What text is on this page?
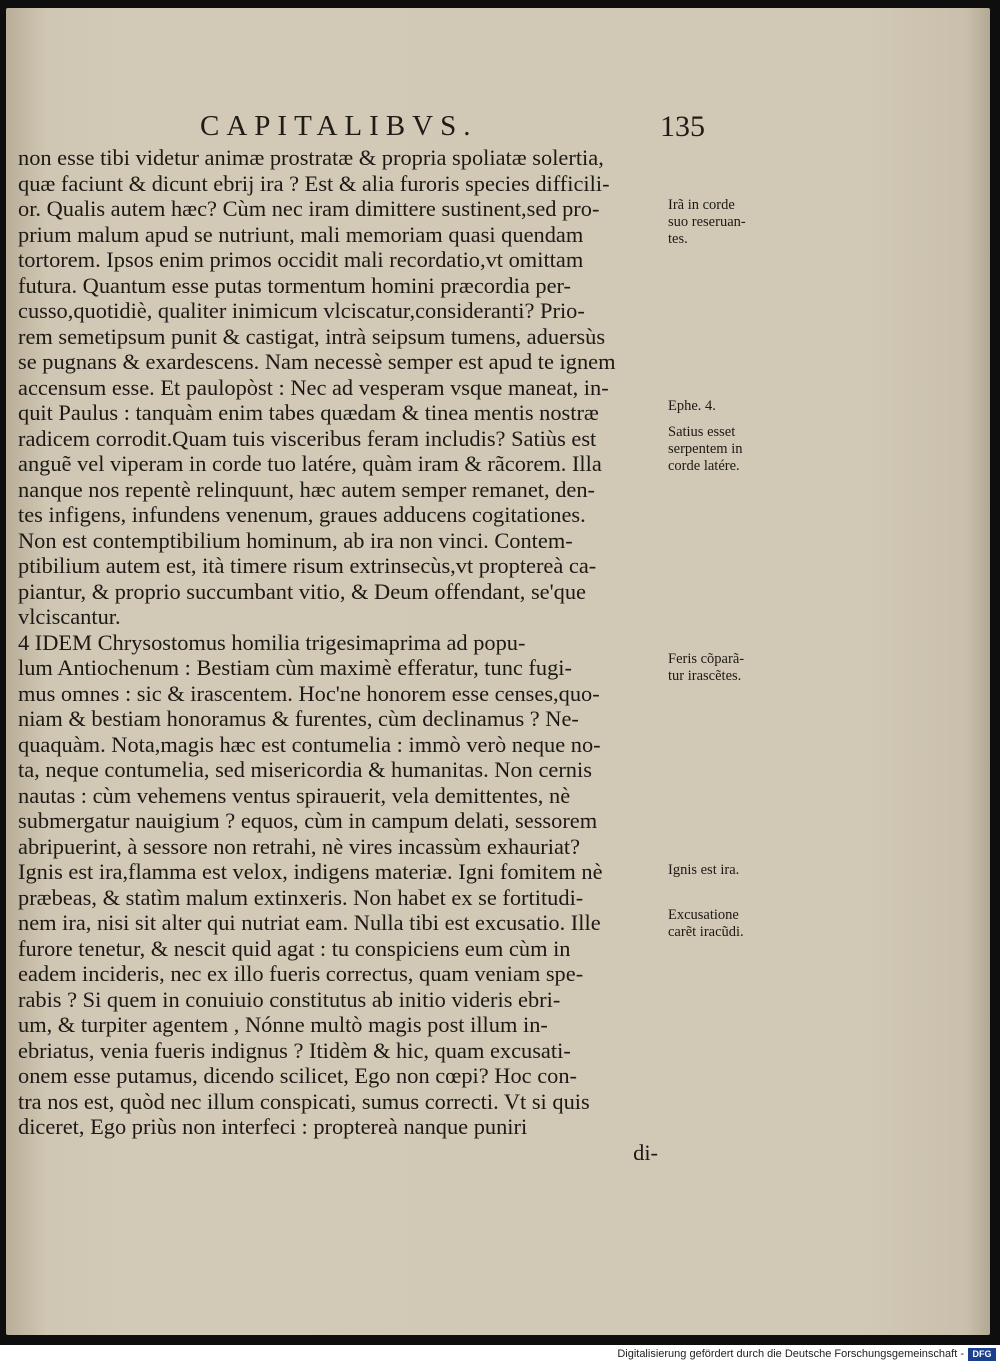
CAPITALIBVS.	135
non esse tibi videtur animæ prostratæ & propria spoliatæ solertia,
quæ faciunt & dicunt ebrij ira ? Est & alia furoris species difficili-
or. Qualis autem hæc? Cùm nec iram dimittere sustinent,sed pro-
prium malum apud se nutriunt, mali memoriam quasi quendam
tortorem. Ipsos enim primos occidit mali recordatio,vt omittam
futura. Quantum esse putas tormentum homini præcordia per-
cusso,quotidiè, qualiter inimicum vlciscatur,consideranti? Prio-
rem semetipsum punit & castigat, intrà seipsum tumens, aduersùs
se pugnans & exardescens. Nam necessè semper est apud te ignem
accensum esse. Et paulopòst : Nec ad vesperam vsque maneat, in-
quit Paulus : tanquàm enim tabes quædam & tinea mentis nostræ
radicem corrodit.Quam tuis visceribus feram includis? Satiùs est
anguẽ vel viperam in corde tuo latére, quàm iram & rãcorem. Illa
nanque nos repentè relinquunt, hæc autem semper remanet, den-
tes infigens, infundens venenum, graues adducens cogitationes.
Non est contemptibilium hominum, ab ira non vinci. Contem-
ptibilium autem est, ità timere risum extrinsecùs,vt proptereà ca-
piantur, & proprio succumbant vitio, & Deum offendant, se'que
vlciscantur.
4 IDEM Chrysostomus homilia trigesimaprima ad popu-
lum Antiochenum : Bestiam cùm maximè efferatur, tunc fugi-
mus omnes : sic & irascentem. Hoc'ne honorem esse censes,quo-
niam & bestiam honoramus & furentes, cùm declinamus ? Ne-
quaquàm. Nota,magis hæc est contumelia : immò verò neque no-
ta, neque contumelia, sed misericordia & humanitas. Non cernis
nautas : cùm vehemens ventus spirauerit, vela demittentes, nè
submergatur nauigium ? equos, cùm in campum delati, sessorem
abripuerint, à sessore non retrahi, nè vires incassùm exhauriat?
Ignis est ira,flamma est velox, indigens materiæ. Igni fomitem nè
præbeas, & statìm malum extinxeris. Non habet ex se fortitudi-
nem ira, nisi sit alter qui nutriat eam. Nulla tibi est excusatio. Ille
furore tenetur, & nescit quid agat : tu conspiciens eum cùm in
eadem incideris, nec ex illo fueris correctus, quam veniam spe-
rabis ? Si quem in conuiuio constitutus ab initio videris ebri-
um, & turpiter agentem , Nónne multò magis post illum in-
ebriatus, venia fueris indignus ? Itidèm & hic, quam excusati-
onem esse putamus, dicendo scilicet, Ego non cœpi? Hoc con-
tra nos est, quòd nec illum conspicati, sumus correcti. Vt si quis
diceret, Ego priùs non interfeci : proptereà nanque puniri
di-
Irã in corde
suo reseruan-
tes.
Ephe. 4.
Satius esset
serpentem in
corde latére.
Feris cõparã-
tur irascẽtes.
Ignis est ira.
Excusatione
carẽt iracũdi.
Digitalisierung gefördert durch die Deutsche Forschungsgemeinschaft - DFG
